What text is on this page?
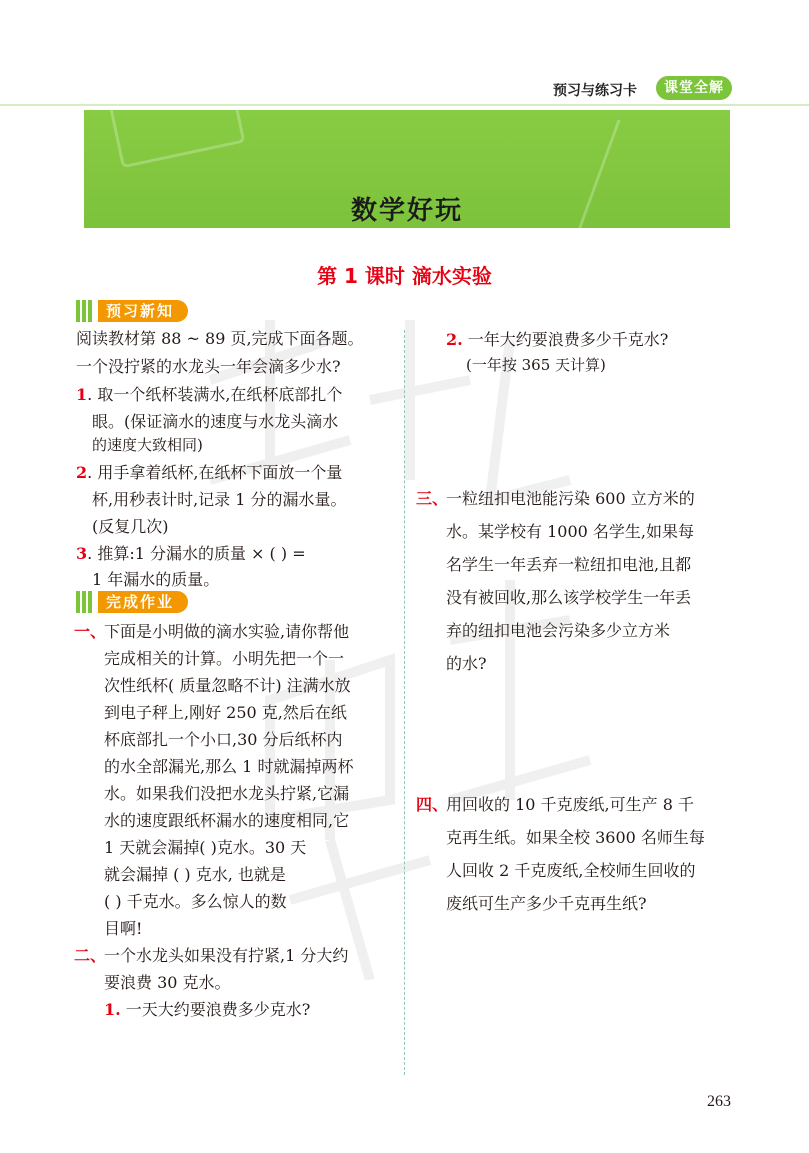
预习与练习卡	课堂全解
数学好玩
第 1 课时 滴水实验
预习新知
阅读教材第 88 ~ 89 页,完成下面各题。
一个没拧紧的水龙头一年会滴多少水?
1. 取一个纸杯装满水,在纸杯底部扎个
眼。(保证滴水的速度与水龙头滴水
的速度大致相同)
2. 用手拿着纸杯,在纸杯下面放一个量
杯,用秒表计时,记录 1 分的漏水量。
(反复几次)
3. 推算:1 分漏水的质量 × ( ) =
1 年漏水的质量。
完成作业
一、
下面是小明做的滴水实验,请你帮他
完成相关的计算。小明先把一个一
次性纸杯( 质量忽略不计) 注满水放
到电子秤上,刚好 250 克,然后在纸
杯底部扎一个小口,30 分后纸杯内
的水全部漏光,那么 1 时就漏掉两杯
水。如果我们没把水龙头拧紧,它漏
水的速度跟纸杯漏水的速度相同,它
1 天就会漏掉( )克水。30 天
就会漏掉 ( ) 克水, 也就是
( ) 千克水。多么惊人的数
目啊!
二、
一个水龙头如果没有拧紧,1 分大约
要浪费 30 克水。
1. 一天大约要浪费多少克水?
2. 一年大约要浪费多少千克水?
(一年按 365 天计算)
三、
一粒纽扣电池能污染 600 立方米的
水。某学校有 1000 名学生,如果每
名学生一年丢弃一粒纽扣电池,且都
没有被回收,那么该学校学生一年丢
弃的纽扣电池会污染多少立方米
的水?
四、
用回收的 10 千克废纸,可生产 8 千
克再生纸。如果全校 3600 名师生每
人回收 2 千克废纸,全校师生回收的
废纸可生产多少千克再生纸?
263
